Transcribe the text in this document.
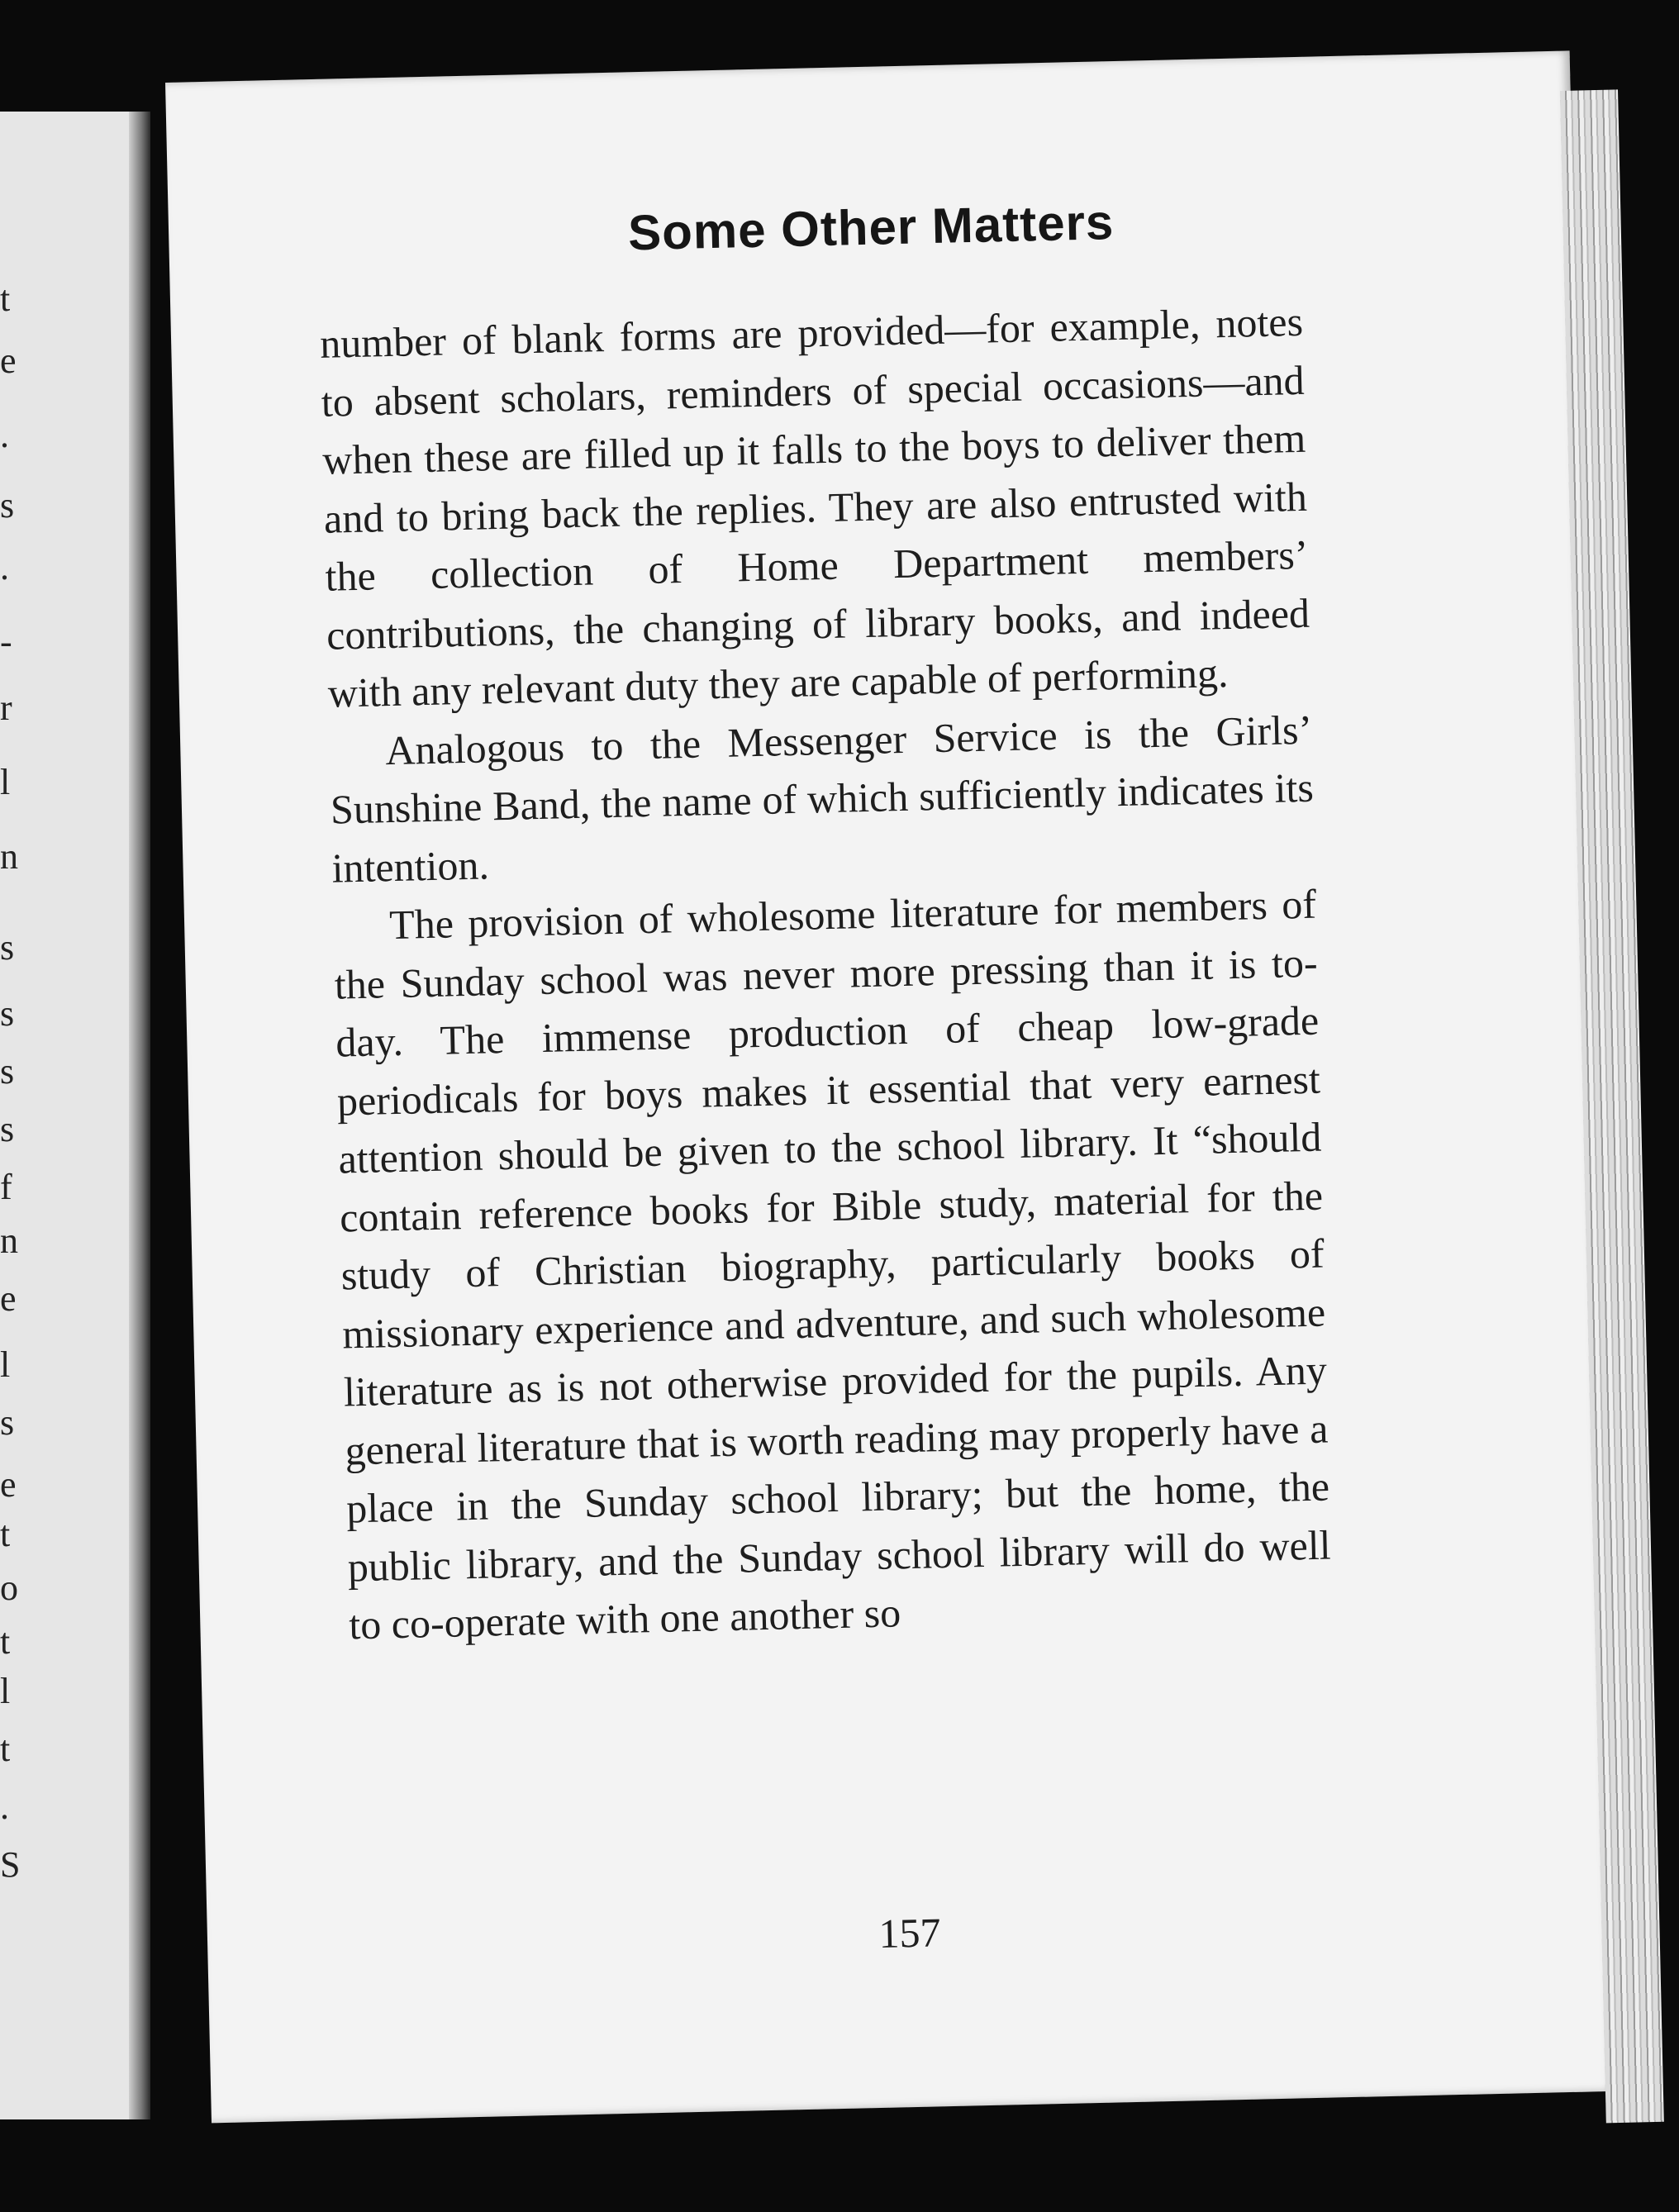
t
e
.
s
.
-
r
l
n
s
s
s
s
f
n
e
l
s
e
t
o
t
l
t
.
S
Some Other Matters

number of blank forms are provided—for example, notes to absent scholars, reminders of special occasions—and when these are filled up it falls to the boys to deliver them and to bring back the replies. They are also entrusted with the collection of Home Department members’ contributions, the changing of library books, and indeed with any relevant duty they are capable of performing.

Analogous to the Messenger Service is the Girls’ Sunshine Band, the name of which sufficiently indicates its intention.

The provision of wholesome literature for members of the Sunday school was never more pressing than it is to-day. The immense production of cheap low-grade periodicals for boys makes it essential that very earnest attention should be given to the school library. It “should contain reference books for Bible study, material for the study of Christian biography, particularly books of missionary experience and adventure, and such wholesome literature as is not otherwise provided for the pupils. Any general literature that is worth reading may properly have a place in the Sunday school library; but the home, the public library, and the Sunday school library will do well to co-operate with one another so

157
